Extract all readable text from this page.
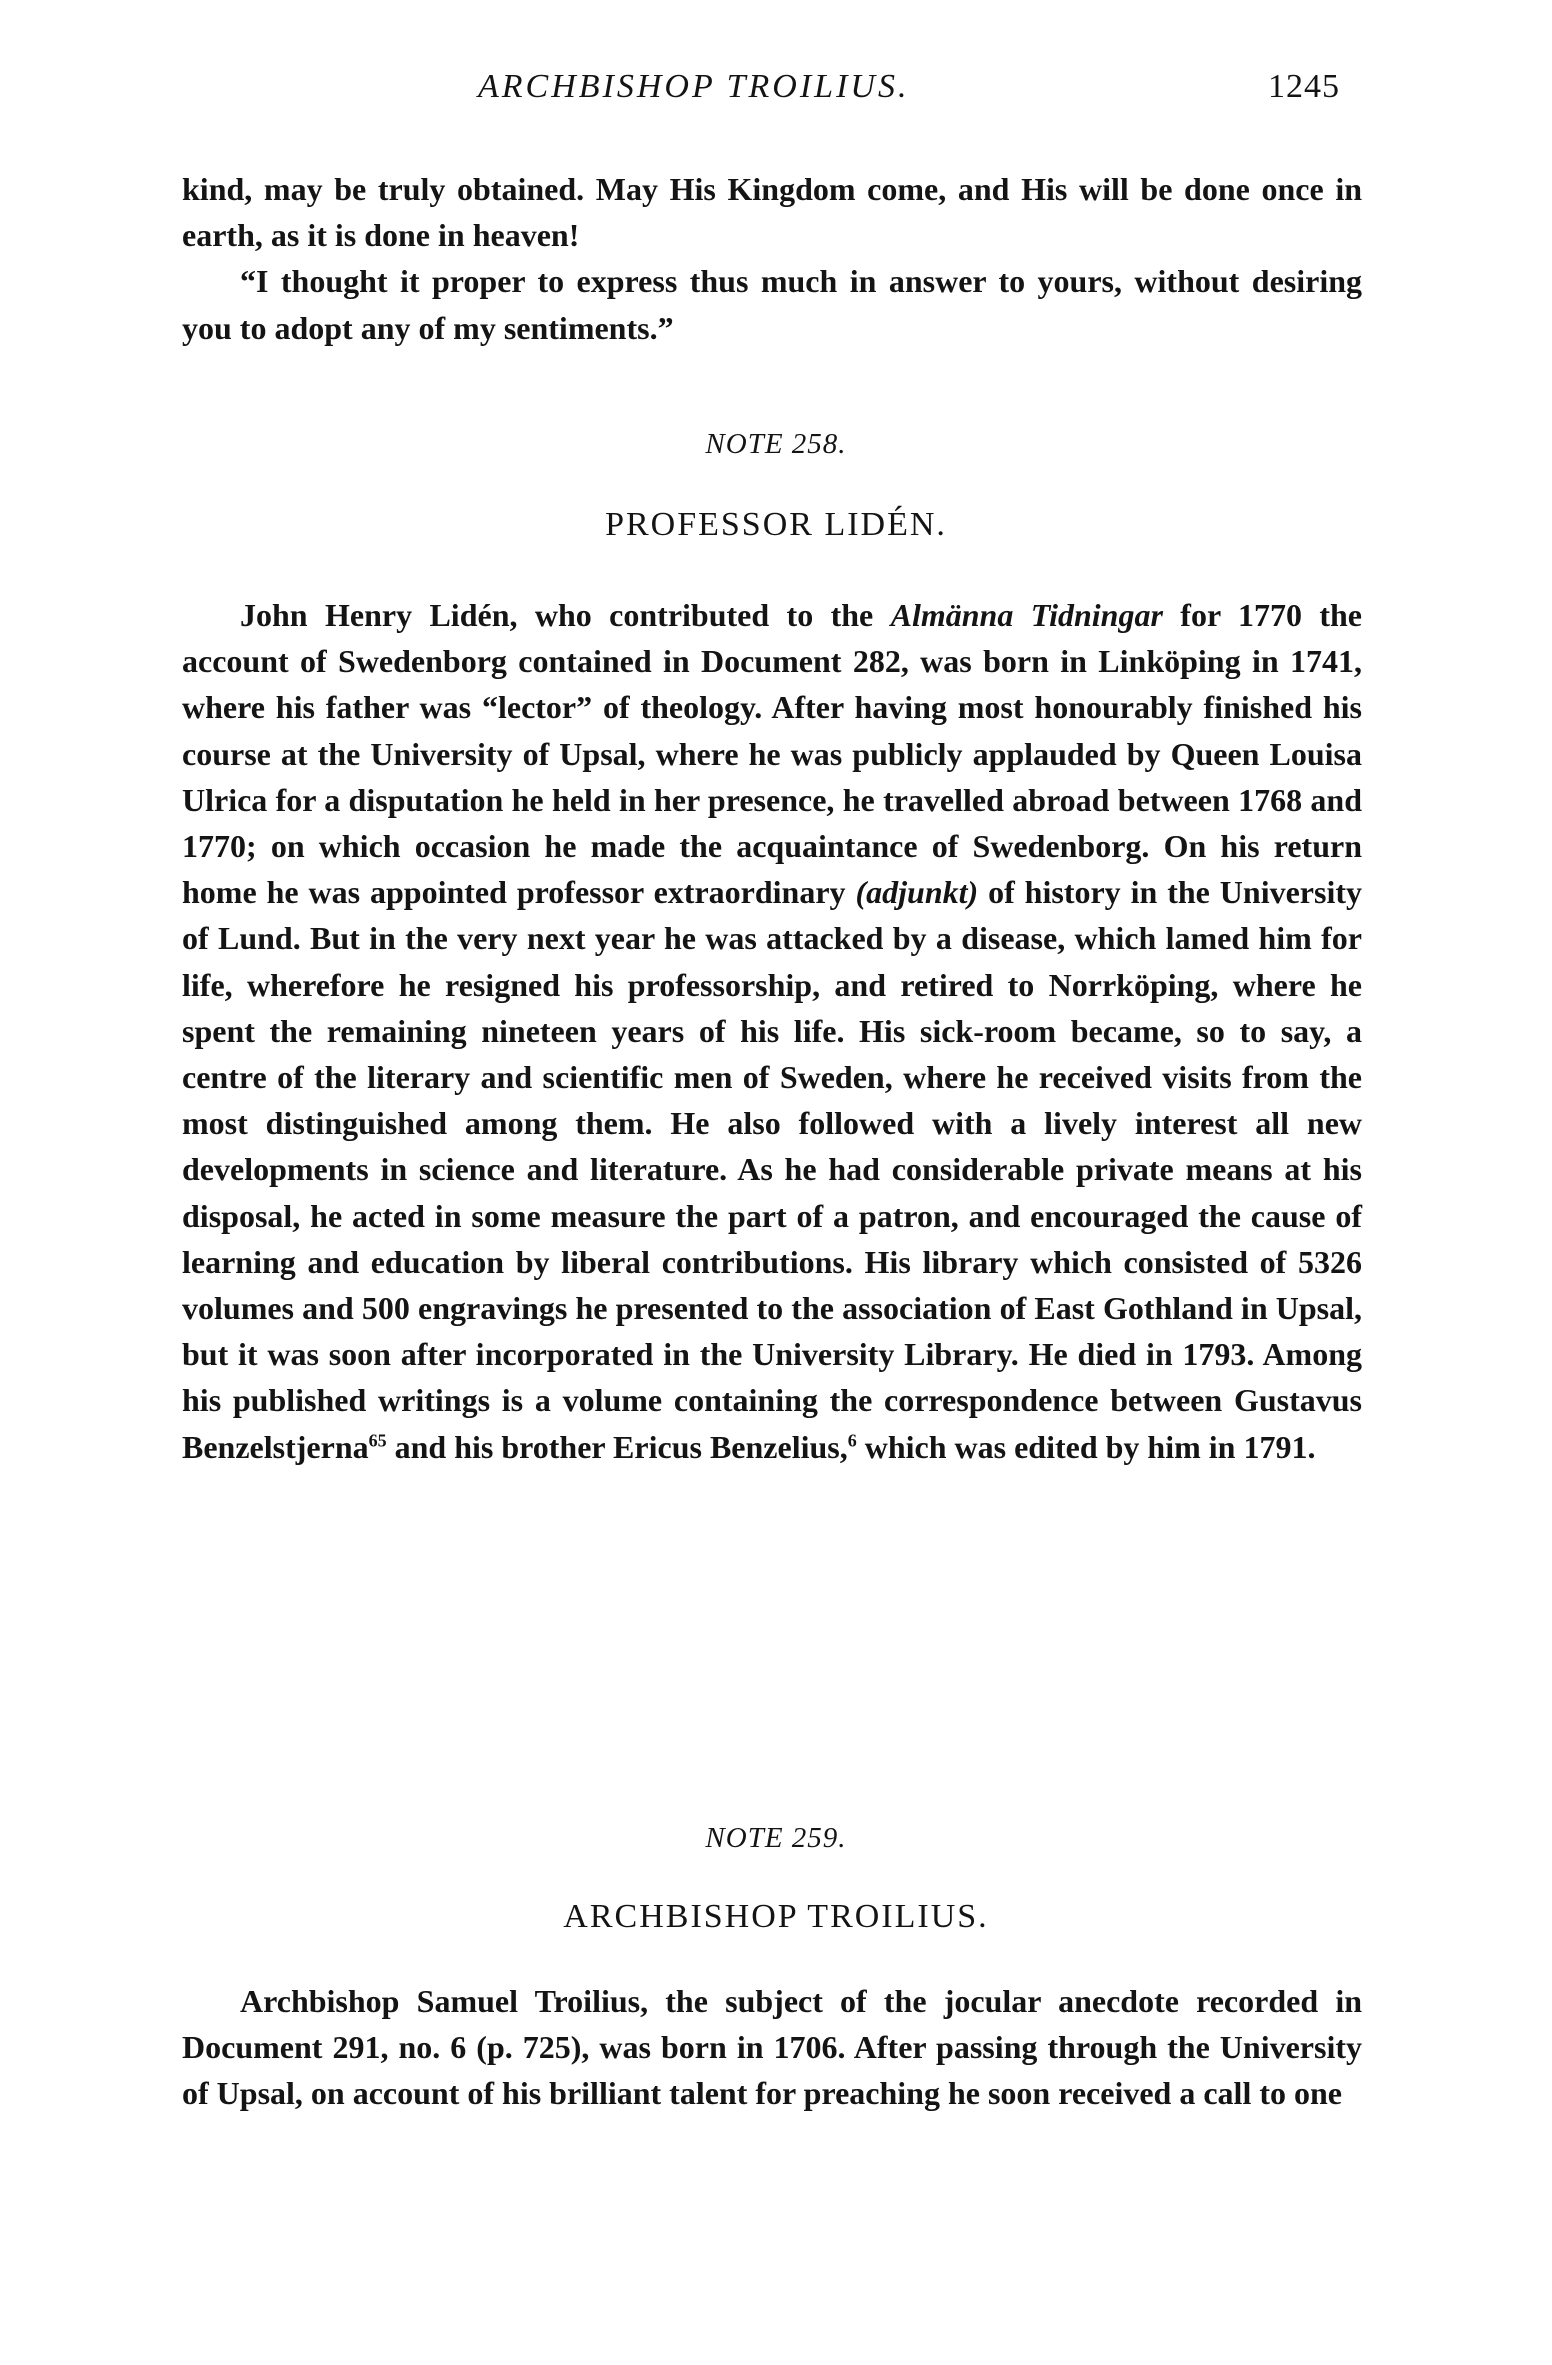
ARCHBISHOP TROILIUS.	1245

kind, may be truly obtained. May His Kingdom come, and His will be done once in earth, as it is done in heaven!

“I thought it proper to express thus much in answer to yours, without desiring you to adopt any of my sentiments.”

NOTE 258.
PROFESSOR LIDÉN.

John Henry Lidén, who contributed to the Almänna Tidningar for 1770 the account of Swedenborg contained in Document 282, was born in Linköping in 1741, where his father was “lector” of theology. After having most honourably finished his course at the University of Upsal, where he was publicly applauded by Queen Louisa Ulrica for a disputation he held in her presence, he travelled abroad between 1768 and 1770; on which occasion he made the acquaintance of Swedenborg. On his return home he was appointed professor extraordinary (adjunkt) of history in the University of Lund. But in the very next year he was attacked by a disease, which lamed him for life, wherefore he resigned his professorship, and retired to Norrköping, where he spent the remaining nineteen years of his life. His sick-room became, so to say, a centre of the literary and scientific men of Sweden, where he received visits from the most distinguished among them. He also followed with a lively interest all new developments in science and literature. As he had considerable private means at his disposal, he acted in some measure the part of a patron, and encouraged the cause of learning and education by liberal contributions. His library which consisted of 5326 volumes and 500 engravings he presented to the association of East Gothland in Upsal, but it was soon after incorporated in the University Library. He died in 1793. Among his published writings is a volume containing the correspondence between Gustavus Benzelstjerna$^{65}$ and his brother Ericus Benzelius,$^6$ which was edited by him in 1791.

NOTE 259.
ARCHBISHOP TROILIUS.

Archbishop Samuel Troilius, the subject of the jocular anecdote recorded in Document 291, no. 6 (p. 725), was born in 1706. After passing through the University of Upsal, on account of his brilliant talent for preaching he soon received a call to one
